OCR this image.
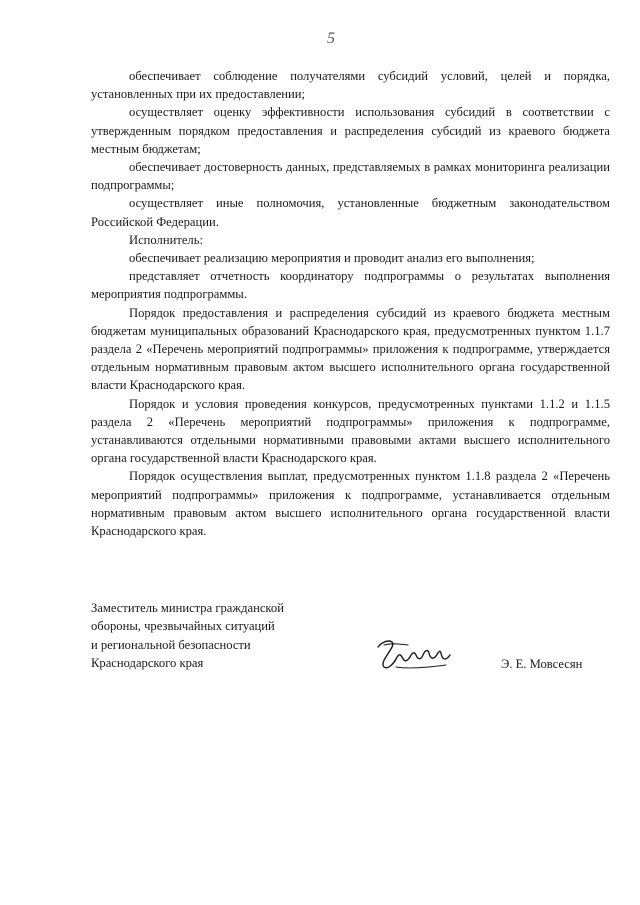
5

обеспечивает соблюдение получателями субсидий условий, целей и порядка, установленных при их предоставлении;

осуществляет оценку эффективности использования субсидий в соответствии с утвержденным порядком предоставления и распределения субсидий из краевого бюджета местным бюджетам;

обеспечивает достоверность данных, представляемых в рамках мониторинга реализации подпрограммы;

осуществляет иные полномочия, установленные бюджетным законодательством Российской Федерации.

Исполнитель:

обеспечивает реализацию мероприятия и проводит анализ его выполнения;

представляет отчетность координатору подпрограммы о результатах выполнения мероприятия подпрограммы.

Порядок предоставления и распределения субсидий из краевого бюджета местным бюджетам муниципальных образований Краснодарского края, предусмотренных пунктом 1.1.7 раздела 2 «Перечень мероприятий подпрограммы» приложения к подпрограмме, утверждается отдельным нормативным правовым актом высшего исполнительного органа государственной власти Краснодарского края.

Порядок и условия проведения конкурсов, предусмотренных пунктами 1.1.2 и 1.1.5 раздела 2 «Перечень мероприятий подпрограммы» приложения к подпрограмме, устанавливаются отдельными нормативными правовыми актами высшего исполнительного органа государственной власти Краснодарского края.

Порядок осуществления выплат, предусмотренных пунктом 1.1.8 раздела 2 «Перечень мероприятий подпрограммы» приложения к подпрограмме, устанавливается отдельным нормативным правовым актом высшего исполнительного органа государственной власти Краснодарского края.

Заместитель министра гражданской
обороны, чрезвычайных ситуаций
и региональной безопасности
Краснодарского края	Э. Е. Мовсесян
